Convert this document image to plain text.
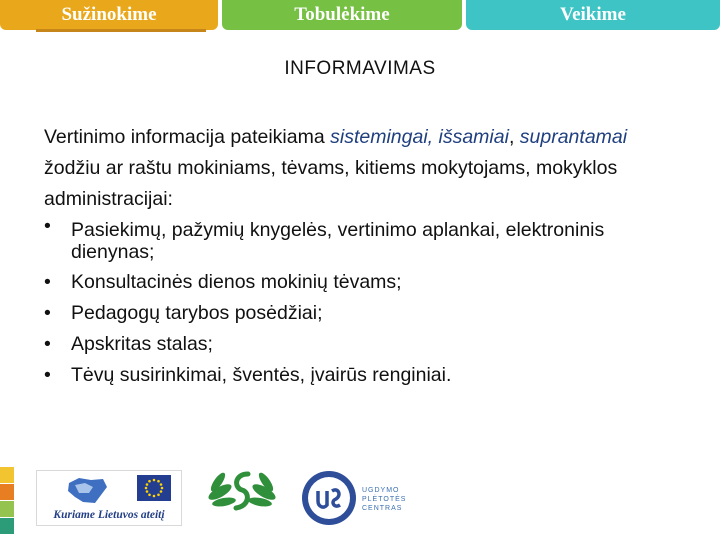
Sužinokime	Tobulėkime	Veikime
INFORMAVIMAS
Vertinimo informacija pateikiama sistemingai, išsamiai, suprantamai žodžiu ar raštu mokiniams, tėvams, kitiems mokytojams, mokyklos administracijai:
• Pasiekimų, pažymių knygelės, vertinimo aplankai, elektroninis dienynas;
• Konsultacinės dienos mokinių tėvams;
• Pedagogų tarybos posėdžiai;
• Apskritas stalas;
• Tėvų susirinkimai, šventės, įvairūs renginiai.
Kuriame Lietuvos ateitį
UGDYMO PLĖTOTĖS CENTRAS
